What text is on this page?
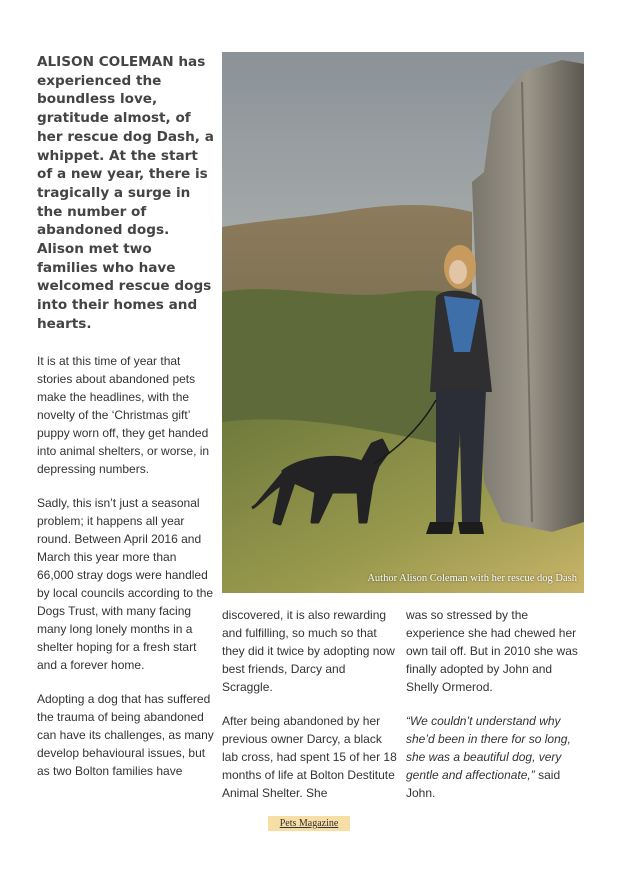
ALISON COLEMAN has experienced the boundless love, gratitude almost, of her rescue dog Dash, a whippet. At the start of a new year, there is tragically a surge in the number of abandoned dogs. Alison met two families who have welcomed rescue dogs into their homes and hearts.

It is at this time of year that stories about abandoned pets make the headlines, with the novelty of the ‘Christmas gift’ puppy worn off, they get handed into animal shelters, or worse, in depressing numbers.

Sadly, this isn’t just a seasonal problem; it happens all year round. Between April 2016 and March this year more than 66,000 stray dogs were handled by local councils according to the Dogs Trust, with many facing many long lonely months in a shelter hoping for a fresh start and a forever home.

Adopting a dog that has suffered the trauma of being abandoned can have its challenges, as many develop behavioural issues, but as two Bolton families have

Author Alison Coleman with her rescue dog Dash

discovered, it is also rewarding and fulfilling, so much so that they did it twice by adopting now best friends, Darcy and Scraggle.

After being abandoned by her previous owner Darcy, a black lab cross, had spent 15 of her 18 months of life at Bolton Destitute Animal Shelter. She

was so stressed by the experience she had chewed her own tail off. But in 2010 she was finally adopted by John and Shelly Ormerod.

“We couldn’t understand why she’d been in there for so long, she was a beautiful dog, very gentle and affectionate,” said John.

Pets Magazine
